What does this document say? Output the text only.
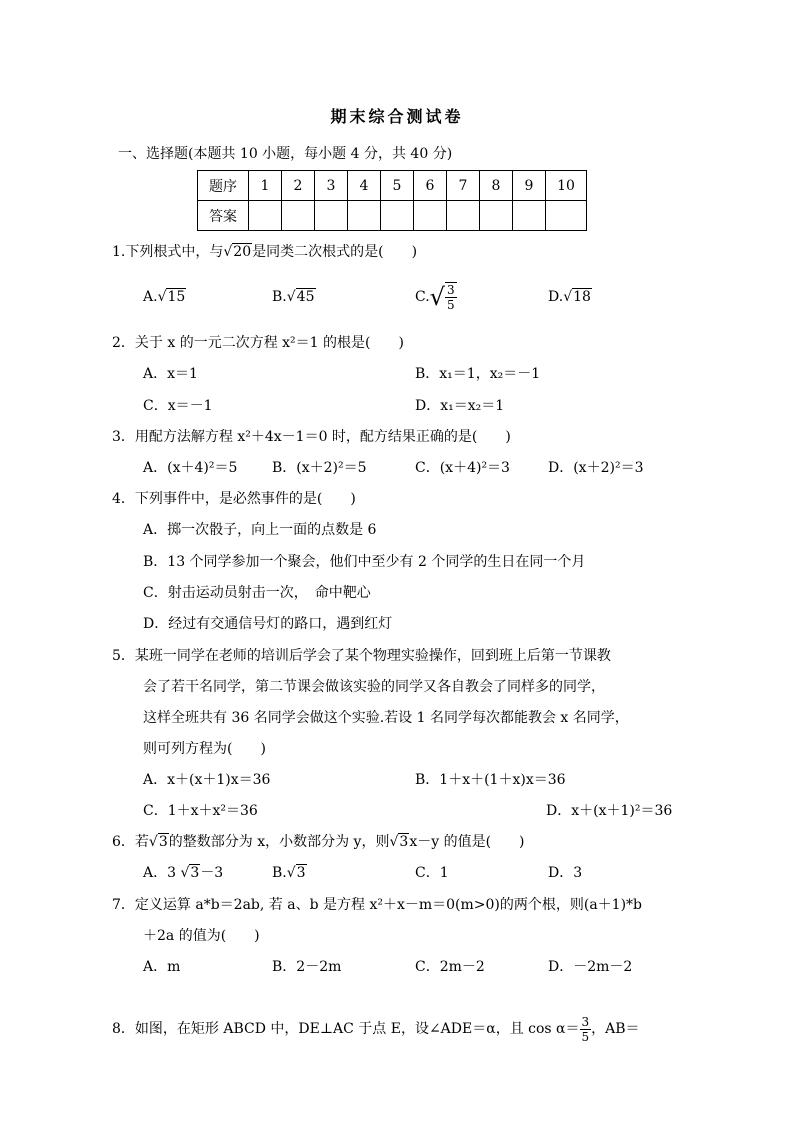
期末综合测试卷
一、选择题(本题共 10 小题，每小题 4 分，共 40 分)
题序	1	2	3	4	5	6	7	8	9	10
答案										
1.下列根式中，与√20是同类二次根式的是(　　)
A.√15	B.√45	$C.√ \frac{3}{5}$	D.√18
2．关于 x 的一元二次方程 x²＝1 的根是(　　)
A．x＝1	B．x₁＝1，x₂＝－1
C．x＝－1	D．x₁＝x₂＝1
3．用配方法解方程 x²＋4x－1＝0 时，配方结果正确的是(　　)
A．(x＋4)²＝5 B．(x＋2)²＝5	C．(x＋4)²＝3	D．(x＋2)²＝3
4．下列事件中，是必然事件的是(　　)
A．掷一次骰子，向上一面的点数是 6
B．13 个同学参加一个聚会，他们中至少有 2 个同学的生日在同一个月
C．射击运动员射击一次，　命中靶心
D．经过有交通信号灯的路口，遇到红灯
5．某班一同学在老师的培训后学会了某个物理实验操作，回到班上后第一节课教
会了若干名同学，第二节课会做该实验的同学又各自教会了同样多的同学，
这样全班共有 36 名同学会做这个实验.若设 1 名同学每次都能教会 x 名同学，
则可列方程为(　　)
A．x＋(x＋1)x＝36	B．1＋x＋(1＋x)x＝36
C．1＋x＋x²＝36	D．x＋(x＋1)²＝36
6．若√3的整数部分为 x，小数部分为 y，则√3x－y 的值是(　　)
A．3 √3－3	B.√3	C．1	D．3
7．定义运算 a*b＝2ab, 若 a、b 是方程 x²＋x－m＝0(m>0)的两个根，则(a＋1)*b
＋2a 的值为(　　)
A．m	B．2－2m	C．2m－2	D．－2m－2
8．如图，在矩形 ABCD 中，DE⊥AC 于点 E，设∠ADE＝α，且 $\cos \alpha= \frac{3}{5}$ ，AB＝
